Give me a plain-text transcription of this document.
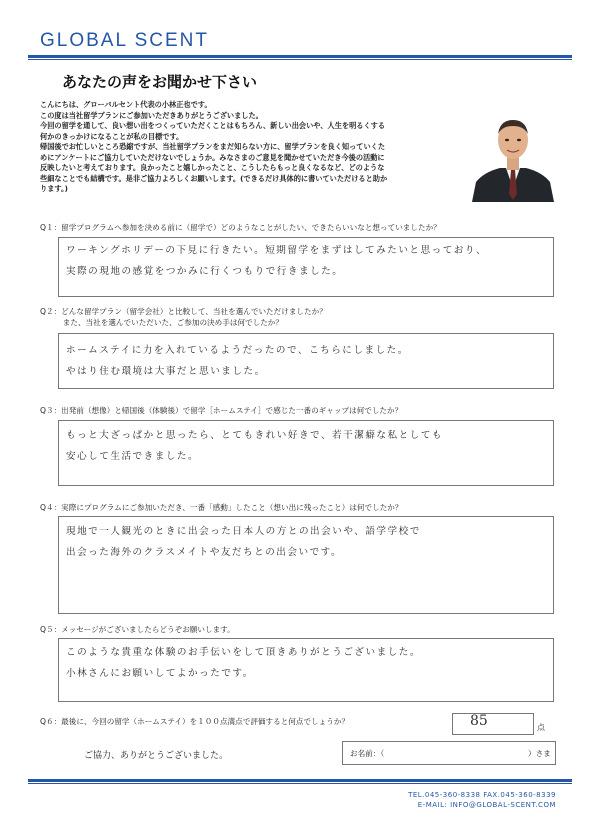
GLOBAL SCENT
あなたの声をお聞かせ下さい
こんにちは、グローバルセント代表の小林正也です。
この度は当社留学プランにご参加いただきありがとうございました。
今回の留学を通して、良い想い出をつくっていただくことはもちろん、新しい出会いや、人生を明るくする
何かのきっかけになることが私の目標です。
帰国後でお忙しいところ恐縮ですが、当社留学プランをまだ知らない方に、留学プランを良く知っていくた
めにアンケートにご協力していただけないでしょうか。みなさまのご意見を聞かせていただき今後の活動に
反映したいと考えております。良かったこと嬉しかったこと、こうしたらもっと良くなるなど、どのような
些細なことでも結構です。是非ご協力よろしくお願いします。(できるだけ具体的に書いていただけると助か
ります。)
Q１：留学プログラムへ参加を決める前に（留学で）どのようなことがしたい、できたらいいなと想っていましたか？
ワーキングホリデーの下見に行きたい。短期留学をまずはしてみたいと思っており、
実際の現地の感覚をつかみに行くつもりで行きました。
Q２：どんな留学プラン（留学会社）と比較して、当社を選んでいただけましたか？
　　　また、当社を選んでいただいた、ご参加の決め手は何でしたか？
ホームステイに力を入れているようだったので、こちらにしました。
やはり住む環境は大事だと思いました。
Q３：出発前（想像）と帰国後（体験後）で留学［ホームステイ］で感じた一番のギャップは何でしたか？
もっと大ざっぱかと思ったら、とてもきれい好きで、若干潔癖な私としても
安心して生活できました。
Q４：実際にプログラムにご参加いただき、一番「感動」したこと（想い出に残ったこと）は何でしたか？
現地で一人観光のときに出会った日本人の方との出会いや、語学学校で
出会った海外のクラスメイトや友だちとの出会いです。
Q５：メッセージがございましたらどうぞお願いします。
このような貴重な体験のお手伝いをして頂きありがとうございました。
小林さんにお願いしてよかったです。
Q６：最後に、今回の留学（ホームステイ）を１００点満点で評価すると何点でしょうか？	85	点
ご協力、ありがとうございました。	お名前：（	）さま
TEL.045-360-8338 FAX.045-360-8339
E-MAIL: INFO@GLOBAL-SCENT.COM
